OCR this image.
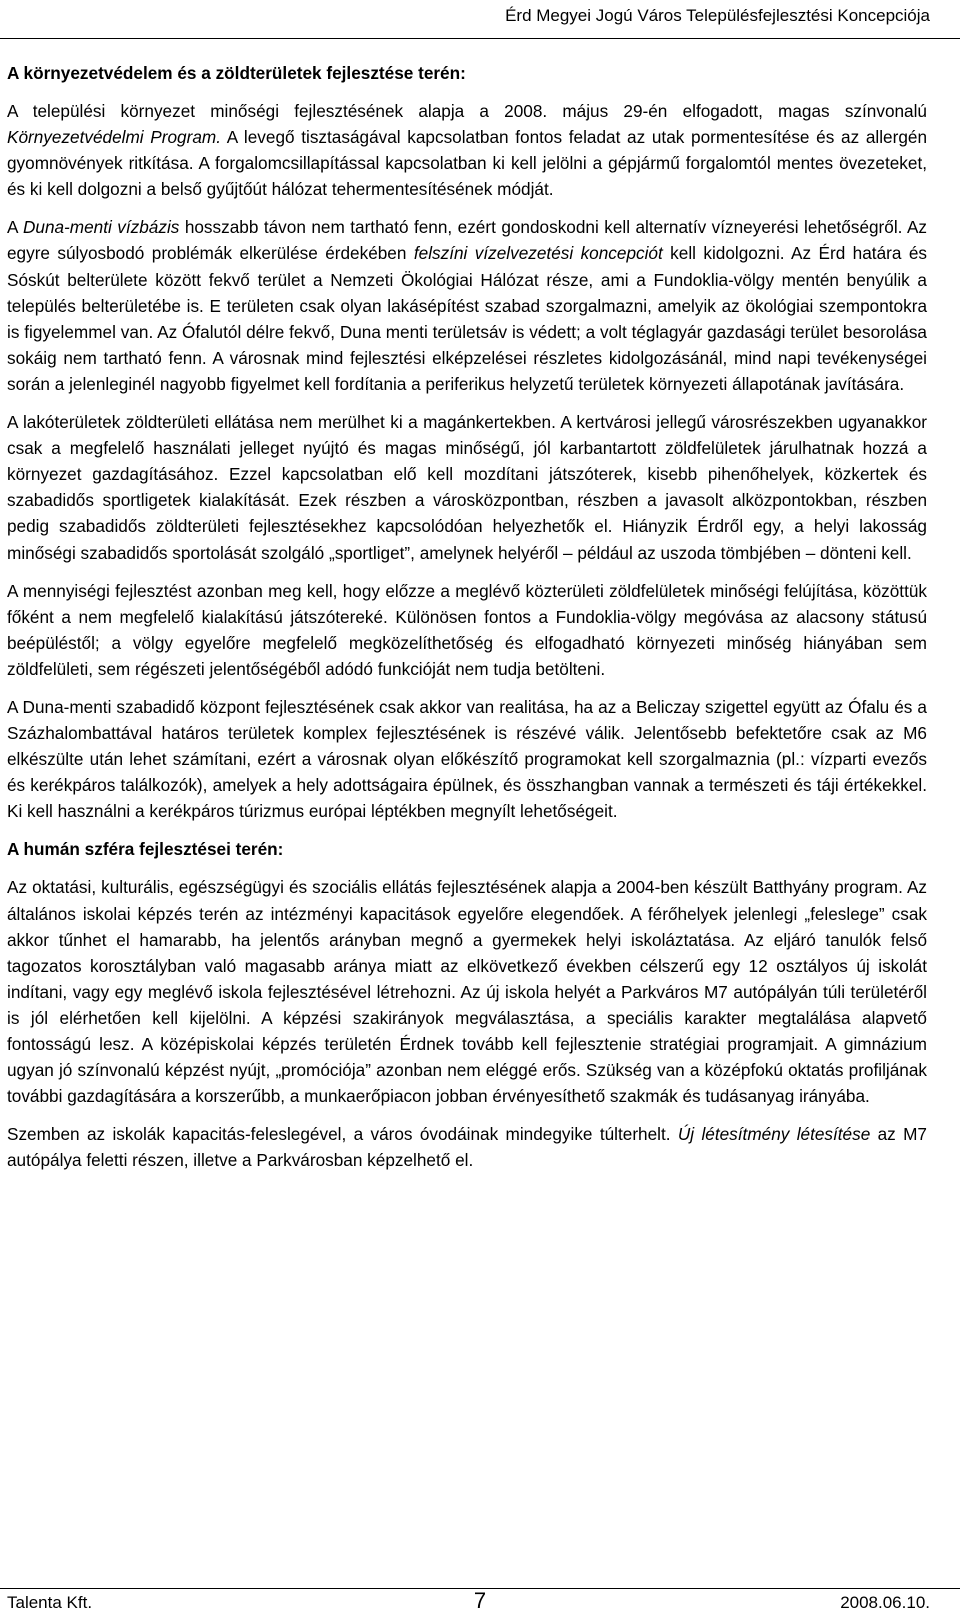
Érd Megyei Jogú Város Településfejlesztési Koncepciója
A környezetvédelem és a zöldterületek fejlesztése terén:

A települési környezet minőségi fejlesztésének alapja a 2008. május 29-én elfogadott, magas színvonalú Környezetvédelmi Program. A levegő tisztaságával kapcsolatban fontos feladat az utak pormentesítése és az allergén gyomnövények ritkítása. A forgalomcsillapítással kapcsolatban ki kell jelölni a gépjármű forgalomtól mentes övezeteket, és ki kell dolgozni a belső gyűjtőút hálózat tehermentesítésének módját.

A Duna-menti vízbázis hosszabb távon nem tartható fenn, ezért gondoskodni kell alternatív vízneyerési lehetőségről. Az egyre súlyosbodó problémák elkerülése érdekében felszíni vízelvezetési koncepciót kell kidolgozni. Az Érd határa és Sóskút belterülete között fekvő terület a Nemzeti Ökológiai Hálózat része, ami a Fundoklia-völgy mentén benyúlik a település belterületébe is. E területen csak olyan lakásépítést szabad szorgalmazni, amelyik az ökológiai szempontokra is figyelemmel van. Az Ófalutól délre fekvő, Duna menti területsáv is védett; a volt téglagyár gazdasági terület besorolása sokáig nem tartható fenn. A városnak mind fejlesztési elképzelései részletes kidolgozásánál, mind napi tevékenységei során a jelenleginél nagyobb figyelmet kell fordítania a periferikus helyzetű területek környezeti állapotának javítására.

A lakóterületek zöldterületi ellátása nem merülhet ki a magánkertekben. A kertvárosi jellegű városrészekben ugyanakkor csak a megfelelő használati jelleget nyújtó és magas minőségű, jól karbantartott zöldfelületek járulhatnak hozzá a környezet gazdagításához. Ezzel kapcsolatban elő kell mozdítani játszóterek, kisebb pihenőhelyek, közkertek és szabadidős sportligetek kialakítását. Ezek részben a városközpontban, részben a javasolt alközpontokban, részben pedig szabadidős zöldterületi fejlesztésekhez kapcsolódóan helyezhetők el. Hiányzik Érdről egy, a helyi lakosság minőségi szabadidős sportolását szolgáló „sportliget”, amelynek helyéről – például az uszoda tömbjében – dönteni kell.

A mennyiségi fejlesztést azonban meg kell, hogy előzze a meglévő közterületi zöldfelületek minőségi felújítása, közöttük főként a nem megfelelő kialakítású játszótereké. Különösen fontos a Fundoklia-völgy megóvása az alacsony státusú beépüléstől; a völgy egyelőre megfelelő megközelíthetőség és elfogadható környezeti minőség hiányában sem zöldfelületi, sem régészeti jelentőségéből adódó funkcióját nem tudja betölteni.

A Duna-menti szabadidő központ fejlesztésének csak akkor van realitása, ha az a Beliczay szigettel együtt az Ófalu és a Százhalombattával határos területek komplex fejlesztésének is részévé válik. Jelentősebb befektetőre csak az M6 elkészülte után lehet számítani, ezért a városnak olyan előkészítő programokat kell szorgalmaznia (pl.: vízparti evezős és kerékpáros találkozók), amelyek a hely adottságaira épülnek, és összhangban vannak a természeti és táji értékekkel. Ki kell használni a kerékpáros túrizmus európai léptékben megnyílt lehetőségeit.

A humán szféra fejlesztései terén:

Az oktatási, kulturális, egészségügyi és szociális ellátás fejlesztésének alapja a 2004-ben készült Batthyány program. Az általános iskolai képzés terén az intézményi kapacitások egyelőre elegendőek. A férőhelyek jelenlegi „feleslege” csak akkor tűnhet el hamarabb, ha jelentős arányban megnő a gyermekek helyi iskoláztatása. Az eljáró tanulók felső tagozatos korosztályban való magasabb aránya miatt az elkövetkező években célszerű egy 12 osztályos új iskolát indítani, vagy egy meglévő iskola fejlesztésével létrehozni. Az új iskola helyét a Parkváros M7 autópályán túli területéről is jól elérhetően kell kijelölni. A képzési szakirányok megválasztása, a speciális karakter megtalálása alapvető fontosságú lesz. A középiskolai képzés területén Érdnek tovább kell fejlesztenie stratégiai programjait. A gimnázium ugyan jó színvonalú képzést nyújt, „promóciója” azonban nem eléggé erős. Szükség van a középfokú oktatás profiljának további gazdagítására a korszerűbb, a munkaerőpiacon jobban érvényesíthető szakmák és tudásanyag irányába.

Szemben az iskolák kapacitás-feleslegével, a város óvodáinak mindegyike túlterhelt. Új létesítmény létesítése az M7 autópálya feletti részen, illetve a Parkvárosban képzelhető el.

Talenta Kft.	7	2008.06.10.
